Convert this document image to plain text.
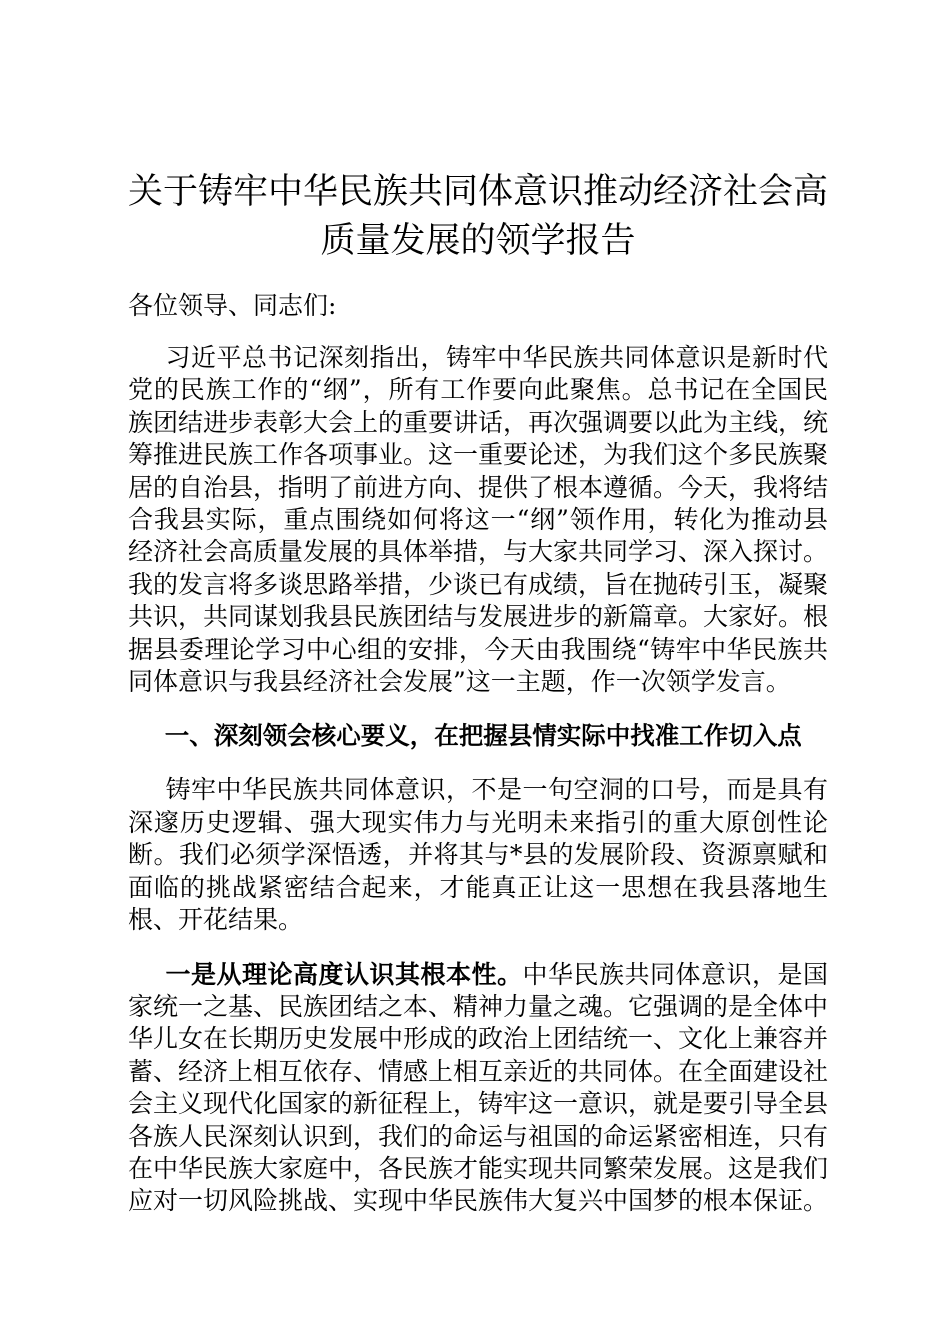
关于铸牢中华民族共同体意识推动经济社会高
质量发展的领学报告

各位领导、同志们:

习近平总书记深刻指出，铸牢中华民族共同体意识是新时代党的民族工作的“纲”，所有工作要向此聚焦。总书记在全国民族团结进步表彰大会上的重要讲话，再次强调要以此为主线，统筹推进民族工作各项事业。这一重要论述，为我们这个多民族聚居的自治县，指明了前进方向、提供了根本遵循。今天，我将结合我县实际，重点围绕如何将这一“纲”领作用，转化为推动县经济社会高质量发展的具体举措，与大家共同学习、深入探讨。我的发言将多谈思路举措，少谈已有成绩，旨在抛砖引玉，凝聚共识，共同谋划我县民族团结与发展进步的新篇章。大家好。根据县委理论学习中心组的安排，今天由我围绕“铸牢中华民族共同体意识与我县经济社会发展”这一主题，作一次领学发言。

一、深刻领会核心要义，在把握县情实际中找准工作切入点

铸牢中华民族共同体意识，不是一句空洞的口号，而是具有深邃历史逻辑、强大现实伟力与光明未来指引的重大原创性论断。我们必须学深悟透，并将其与*县的发展阶段、资源禀赋和面临的挑战紧密结合起来，才能真正让这一思想在我县落地生根、开花结果。

一是从理论高度认识其根本性。中华民族共同体意识，是国家统一之基、民族团结之本、精神力量之魂。它强调的是全体中华儿女在长期历史发展中形成的政治上团结统一、文化上兼容并蓄、经济上相互依存、情感上相互亲近的共同体。在全面建设社会主义现代化国家的新征程上，铸牢这一意识，就是要引导全县各族人民深刻认识到，我们的命运与祖国的命运紧密相连，只有在中华民族大家庭中，各民族才能实现共同繁荣发展。这是我们应对一切风险挑战、实现中华民族伟大复兴中国梦的根本保证。
